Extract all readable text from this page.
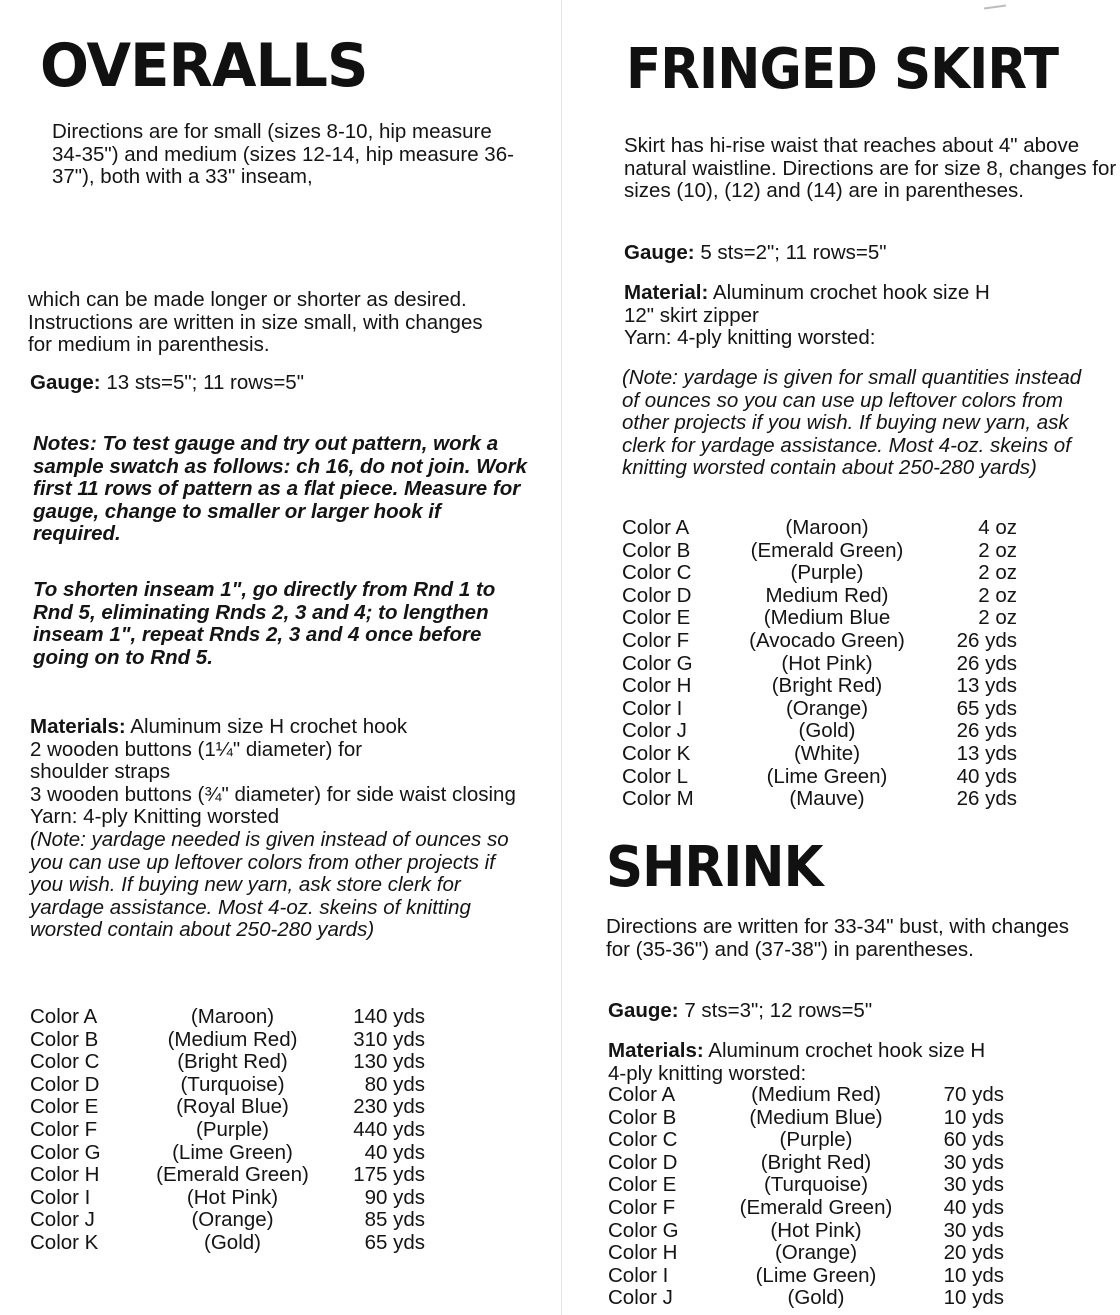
OVERALLS

Directions are for small (sizes 8-10, hip measure 34-35") and medium (sizes 12-14, hip measure 36-37"), both with a 33" inseam,

which can be made longer or shorter as desired. Instructions are written in size small, with changes for medium in parenthesis.

Gauge: 13 sts=5"; 11 rows=5"

Notes: To test gauge and try out pattern, work a sample swatch as follows: ch 16, do not join. Work first 11 rows of pattern as a flat piece. Measure for gauge, change to smaller or larger hook if required.

To shorten inseam 1", go directly from Rnd 1 to Rnd 5, eliminating Rnds 2, 3 and 4; to lengthen inseam 1", repeat Rnds 2, 3 and 4 once before going on to Rnd 5.

Materials: Aluminum size H crochet hook

2 wooden buttons (1¼" diameter) for shoulder straps

3 wooden buttons (¾" diameter) for side waist closing

Yarn: 4-ply Knitting worsted

(Note: yardage needed is given instead of ounces so you can use up leftover colors from other projects if you wish. If buying new yarn, ask store clerk for yardage assistance. Most 4-oz. skeins of knitting worsted contain about 250-280 yards)

Color A	(Maroon)	140 yds
Color B	(Medium Red)	310 yds
Color C	(Bright Red)	130 yds
Color D	(Turquoise)	80 yds
Color E	(Royal Blue)	230 yds
Color F	(Purple)	440 yds
Color G	(Lime Green)	40 yds
Color H	(Emerald Green)	175 yds
Color I	(Hot Pink)	90 yds
Color J	(Orange)	85 yds
Color K	(Gold)	65 yds
FRINGED SKIRT

Skirt has hi-rise waist that reaches about 4" above natural waistline. Directions are for size 8, changes for sizes (10), (12) and (14) are in parentheses.

Gauge: 5 sts=2"; 11 rows=5"

Material: Aluminum crochet hook size H

12" skirt zipper

Yarn: 4-ply knitting worsted:

(Note: yardage is given for small quantities instead of ounces so you can use up leftover colors from other projects if you wish. If buying new yarn, ask clerk for yardage assistance. Most 4-oz. skeins of knitting worsted contain about 250-280 yards)

Color A	(Maroon)	4 oz
Color B	(Emerald Green)	2 oz
Color C	(Purple)	2 oz
Color D	Medium Red)	2 oz
Color E	(Medium Blue	2 oz
Color F	(Avocado Green)	26 yds
Color G	(Hot Pink)	26 yds
Color H	(Bright Red)	13 yds
Color I	(Orange)	65 yds
Color J	(Gold)	26 yds
Color K	(White)	13 yds
Color L	(Lime Green)	40 yds
Color M	(Mauve)	26 yds
SHRINK

Directions are written for 33-34" bust, with changes for (35-36") and (37-38") in parentheses.

Gauge: 7 sts=3"; 12 rows=5"

Materials: Aluminum crochet hook size H

4-ply knitting worsted:

Color A	(Medium Red)	70 yds
Color B	(Medium Blue)	10 yds
Color C	(Purple)	60 yds
Color D	(Bright Red)	30 yds
Color E	(Turquoise)	30 yds
Color F	(Emerald Green)	40 yds
Color G	(Hot Pink)	30 yds
Color H	(Orange)	20 yds
Color I	(Lime Green)	10 yds
Color J	(Gold)	10 yds
